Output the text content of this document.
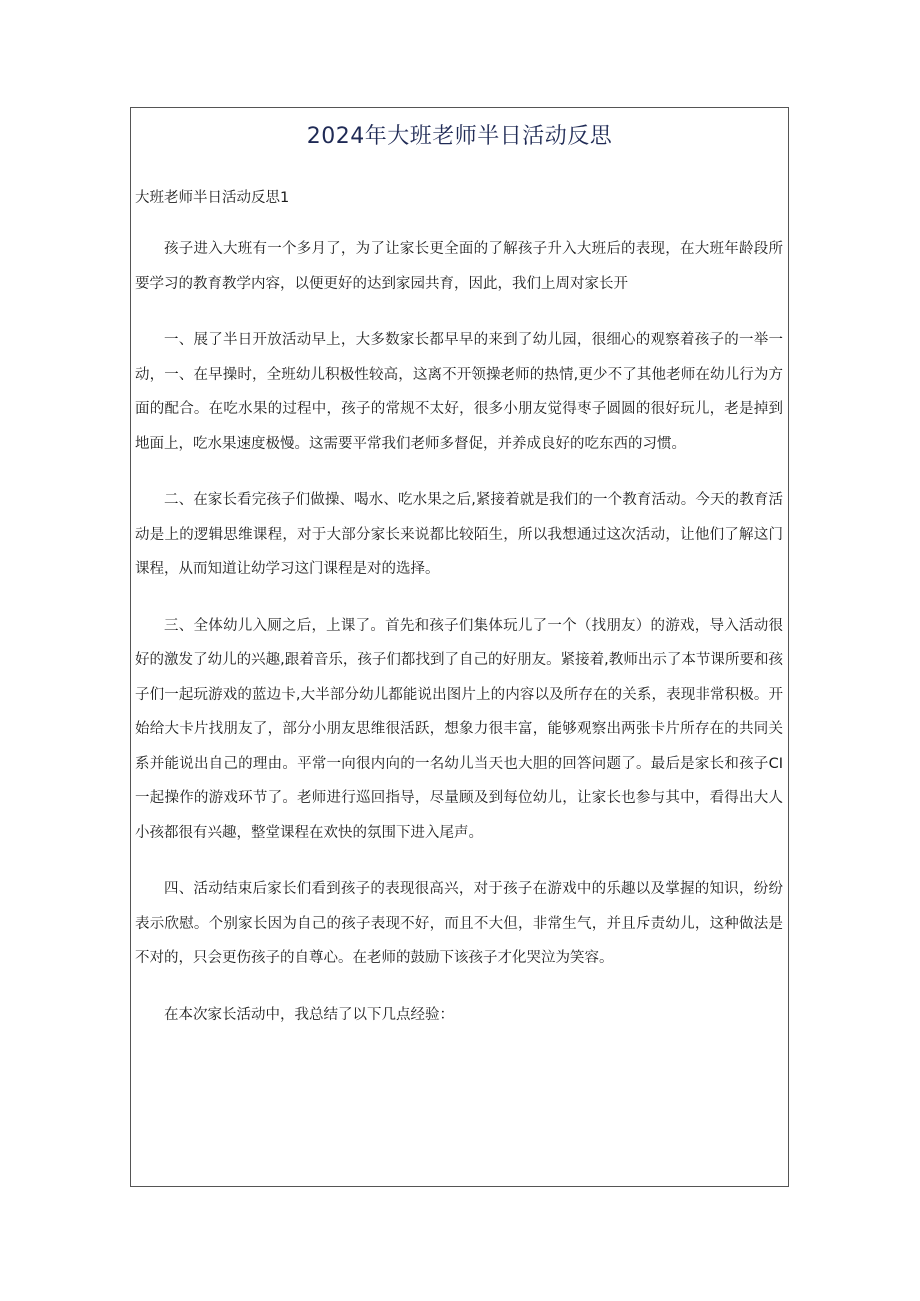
2024年大班老师半日活动反思

大班老师半日活动反思1

孩子进入大班有一个多月了，为了让家长更全面的了解孩子升入大班后的表现，在大班年龄段所要学习的教育教学内容，以便更好的达到家园共育，因此，我们上周对家长开

一、展了半日开放活动早上，大多数家长都早早的来到了幼儿园，很细心的观察着孩子的一举一动，一、在早操时，全班幼儿积极性较高，这离不开领操老师的热情,更少不了其他老师在幼儿行为方面的配合。在吃水果的过程中，孩子的常规不太好，很多小朋友觉得枣子圆圆的很好玩儿，老是掉到地面上，吃水果速度极慢。这需要平常我们老师多督促，并养成良好的吃东西的习惯。

二、在家长看完孩子们做操、喝水、吃水果之后,紧接着就是我们的一个教育活动。今天的教育活动是上的逻辑思维课程，对于大部分家长来说都比较陌生，所以我想通过这次活动，让他们了解这门课程，从而知道让幼学习这门课程是对的选择。

三、全体幼儿入厕之后，上课了。首先和孩子们集体玩儿了一个（找朋友）的游戏，导入活动很好的激发了幼儿的兴趣,跟着音乐，孩子们都找到了自己的好朋友。紧接着,教师出示了本节课所要和孩子们一起玩游戏的蓝边卡,大半部分幼儿都能说出图片上的内容以及所存在的关系，表现非常积极。开始给大卡片找朋友了，部分小朋友思维很活跃，想象力很丰富，能够观察出两张卡片所存在的共同关系并能说出自己的理由。平常一向很内向的一名幼儿当天也大胆的回答问题了。最后是家长和孩子CI一起操作的游戏环节了。老师进行巡回指导，尽量顾及到每位幼儿，让家长也参与其中，看得出大人小孩都很有兴趣，整堂课程在欢快的氛围下进入尾声。

四、活动结束后家长们看到孩子的表现很高兴，对于孩子在游戏中的乐趣以及掌握的知识，纷纷表示欣慰。个别家长因为自己的孩子表现不好，而且不大但，非常生气，并且斥责幼儿，这种做法是不对的，只会更伤孩子的自尊心。在老师的鼓励下该孩子才化哭泣为笑容。

在本次家长活动中，我总结了以下几点经验：
